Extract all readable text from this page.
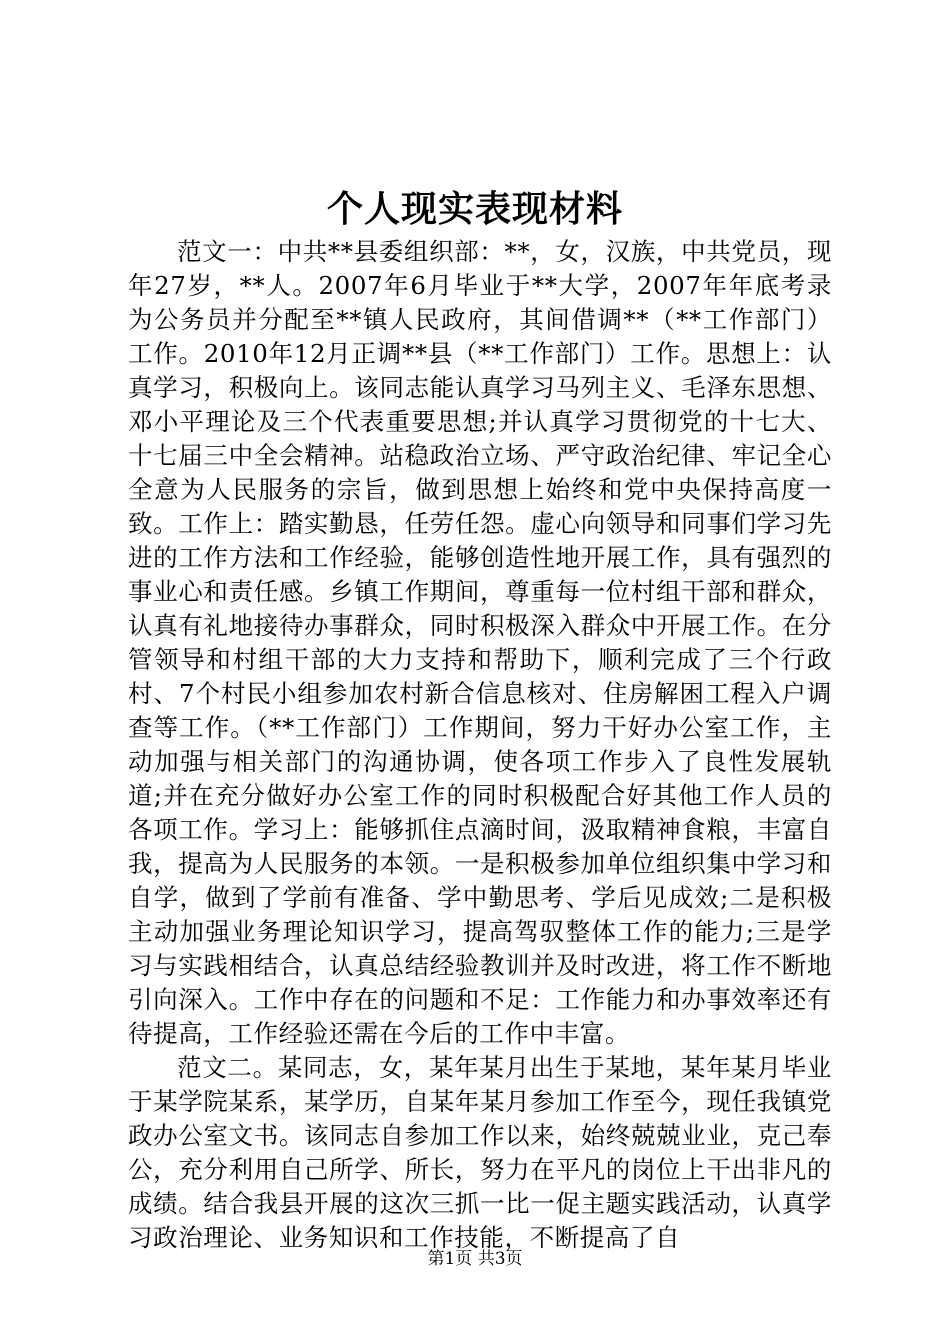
个人现实表现材料

范文一：中共**县委组织部：**，女，汉族，中共党员，现年27岁，**人。2007年6月毕业于**大学，2007年年底考录为公务员并分配至**镇人民政府，其间借调**（**工作部门）工作。2010年12月正调**县（**工作部门）工作。思想上：认真学习，积极向上。该同志能认真学习马列主义、毛泽东思想、邓小平理论及三个代表重要思想;并认真学习贯彻党的十七大、十七届三中全会精神。站稳政治立场、严守政治纪律、牢记全心全意为人民服务的宗旨，做到思想上始终和党中央保持高度一致。工作上：踏实勤恳，任劳任怨。虚心向领导和同事们学习先进的工作方法和工作经验，能够创造性地开展工作，具有强烈的事业心和责任感。乡镇工作期间，尊重每一位村组干部和群众，认真有礼地接待办事群众，同时积极深入群众中开展工作。在分管领导和村组干部的大力支持和帮助下，顺利完成了三个行政村、7个村民小组参加农村新合信息核对、住房解困工程入户调查等工作。（**工作部门）工作期间，努力干好办公室工作，主动加强与相关部门的沟通协调，使各项工作步入了良性发展轨道;并在充分做好办公室工作的同时积极配合好其他工作人员的各项工作。学习上：能够抓住点滴时间，汲取精神食粮，丰富自我，提高为人民服务的本领。一是积极参加单位组织集中学习和自学，做到了学前有准备、学中勤思考、学后见成效;二是积极主动加强业务理论知识学习，提高驾驭整体工作的能力;三是学习与实践相结合，认真总结经验教训并及时改进，将工作不断地引向深入。工作中存在的问题和不足：工作能力和办事效率还有待提高，工作经验还需在今后的工作中丰富。

范文二。某同志，女，某年某月出生于某地，某年某月毕业于某学院某系，某学历，自某年某月参加工作至今，现任我镇党政办公室文书。该同志自参加工作以来，始终兢兢业业，克己奉公，充分利用自己所学、所长，努力在平凡的岗位上干出非凡的成绩。结合我县开展的这次三抓一比一促主题实践活动，认真学习政治理论、业务知识和工作技能，不断提高了自

第1页 共3页
